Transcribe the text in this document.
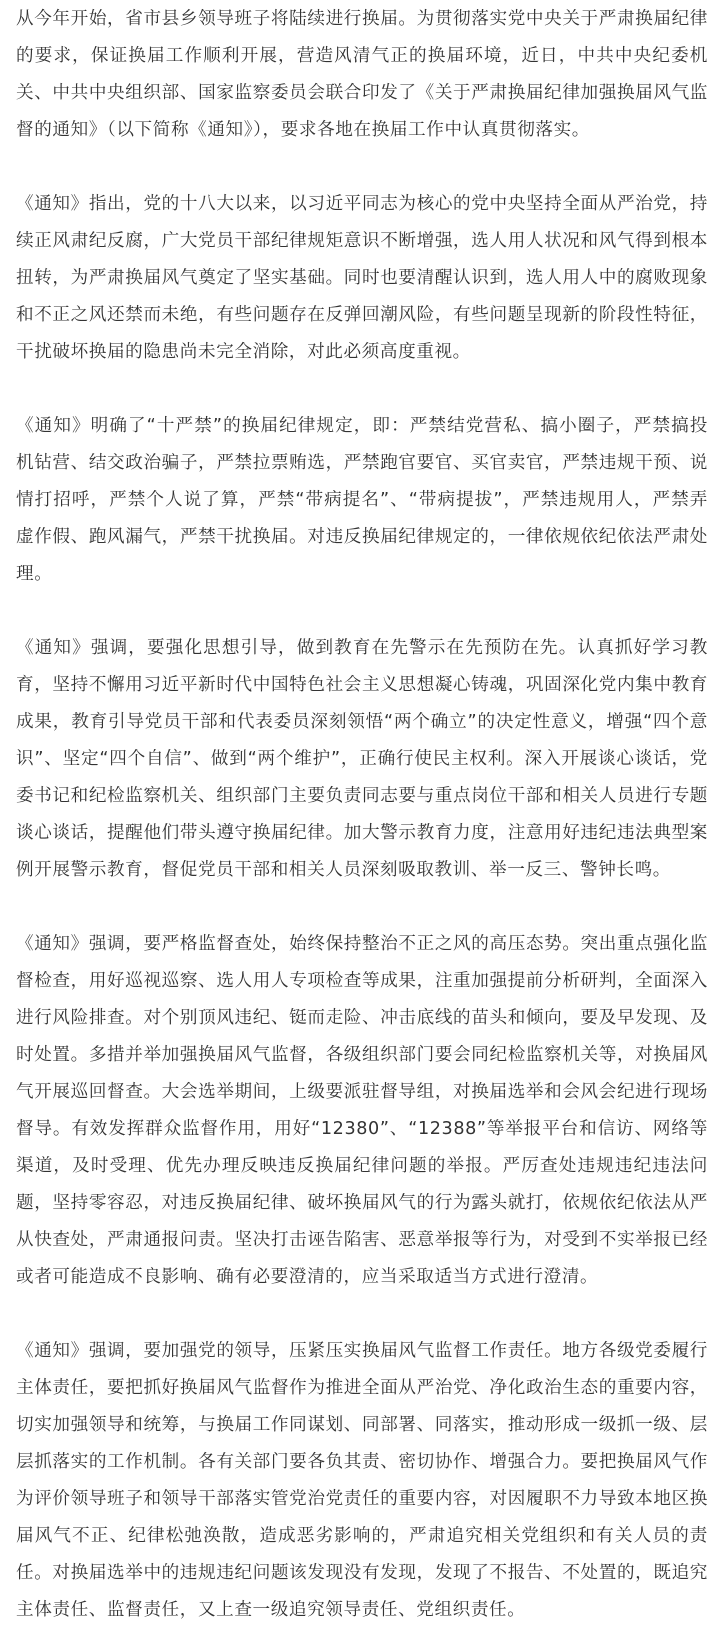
从今年开始，省市县乡领导班子将陆续进行换届。为贯彻落实党中央关于严肃换届纪律的要求，保证换届工作顺利开展，营造风清气正的换届环境，近日，中共中央纪委机关、中共中央组织部、国家监察委员会联合印发了《关于严肃换届纪律加强换届风气监督的通知》（以下简称《通知》），要求各地在换届工作中认真贯彻落实。

《通知》指出，党的十八大以来，以习近平同志为核心的党中央坚持全面从严治党，持续正风肃纪反腐，广大党员干部纪律规矩意识不断增强，选人用人状况和风气得到根本扭转，为严肃换届风气奠定了坚实基础。同时也要清醒认识到，选人用人中的腐败现象和不正之风还禁而未绝，有些问题存在反弹回潮风险，有些问题呈现新的阶段性特征，干扰破坏换届的隐患尚未完全消除，对此必须高度重视。

《通知》明确了“十严禁”的换届纪律规定，即：严禁结党营私、搞小圈子，严禁搞投机钻营、结交政治骗子，严禁拉票贿选，严禁跑官要官、买官卖官，严禁违规干预、说情打招呼，严禁个人说了算，严禁“带病提名”、“带病提拔”，严禁违规用人，严禁弄虚作假、跑风漏气，严禁干扰换届。对违反换届纪律规定的，一律依规依纪依法严肃处理。

《通知》强调，要强化思想引导，做到教育在先警示在先预防在先。认真抓好学习教育，坚持不懈用习近平新时代中国特色社会主义思想凝心铸魂，巩固深化党内集中教育成果，教育引导党员干部和代表委员深刻领悟“两个确立”的决定性意义，增强“四个意识”、坚定“四个自信”、做到“两个维护”，正确行使民主权利。深入开展谈心谈话，党委书记和纪检监察机关、组织部门主要负责同志要与重点岗位干部和相关人员进行专题谈心谈话，提醒他们带头遵守换届纪律。加大警示教育力度，注意用好违纪违法典型案例开展警示教育，督促党员干部和相关人员深刻吸取教训、举一反三、警钟长鸣。

《通知》强调，要严格监督查处，始终保持整治不正之风的高压态势。突出重点强化监督检查，用好巡视巡察、选人用人专项检查等成果，注重加强提前分析研判，全面深入进行风险排查。对个别顶风违纪、铤而走险、冲击底线的苗头和倾向，要及早发现、及时处置。多措并举加强换届风气监督，各级组织部门要会同纪检监察机关等，对换届风气开展巡回督查。大会选举期间，上级要派驻督导组，对换届选举和会风会纪进行现场督导。有效发挥群众监督作用，用好“12380”、“12388”等举报平台和信访、网络等渠道，及时受理、优先办理反映违反换届纪律问题的举报。严厉查处违规违纪违法问题，坚持零容忍，对违反换届纪律、破坏换届风气的行为露头就打，依规依纪依法从严从快查处，严肃通报问责。坚决打击诬告陷害、恶意举报等行为，对受到不实举报已经或者可能造成不良影响、确有必要澄清的，应当采取适当方式进行澄清。

《通知》强调，要加强党的领导，压紧压实换届风气监督工作责任。地方各级党委履行主体责任，要把抓好换届风气监督作为推进全面从严治党、净化政治生态的重要内容，切实加强领导和统筹，与换届工作同谋划、同部署、同落实，推动形成一级抓一级、层层抓落实的工作机制。各有关部门要各负其责、密切协作、增强合力。要把换届风气作为评价领导班子和领导干部落实管党治党责任的重要内容，对因履职不力导致本地区换届风气不正、纪律松弛涣散，造成恶劣影响的，严肃追究相关党组织和有关人员的责任。对换届选举中的违规违纪问题该发现没有发现，发现了不报告、不处置的，既追究主体责任、监督责任，又上查一级追究领导责任、党组织责任。
